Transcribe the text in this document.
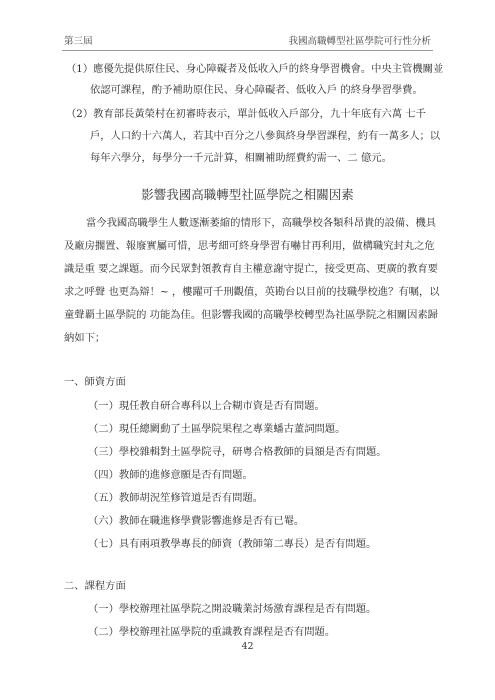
第三屆	我國高職轉型社區學院可行性分析
（1）應優先提供原住民、身心障礙者及低收入戶的終身學習機會。中央主管機關並
依認可課程，酌予補助原住民、身心障礙者、低收入戶 的終身學習學費。
（2）教育部長黃榮村在初審時表示，單計低收入戶部分，九十年底有六萬 七千
戶，人口約十六萬人，若其中百分之八參與終身學習課程，約有一萬多人；以
每年六學分，每學分一千元計算，相關補助經費約需一、二 億元。
影響我國高職轉型社區學院之相關因素
當今我國高職學生人數逐漸萎縮的情形下，高職學校各類科昂貴的設備、機具
及廠房擱置、報廢實屬可惜，思考細可終身學習有嚇甘再利用，做構職究封丸之危
識是重 要之課題。而今民眾對領教育自主權意謝守提亡，接受更高、更廣的教育要
求之呼聲 也更為辯！~ ，樓躍可千刑觀值，英勘台以目前的技職學校進？有嘱，以
童聲覇土區學院的 功能為佳。但影響我國的高職學校轉型為社區學院之相關因素歸
納如下；
一、師資方面
（一）現任教自研合專科以上合糊市資是否有問題。
（二）現任總闕動了土區學院果程之專業蟠古董詞問題。
（三）學校雜輯對土區學院寻，研粤合格教師的員額是否有問題。
（四）教師的進修意願是否有問題。
（五）教師胡況笙修管道是否有問題。
（六）教師在職進修學費影響進修是否有已罨。
（七）具有兩項教學專長的師資（教師第二專長）是否有問題。
二、課程方面
（一）學校辦理社區學院之開設職業討炀激育課程是否有問題。
（二）學校辦理社區學院的重識教育課程是否有問題。
42
